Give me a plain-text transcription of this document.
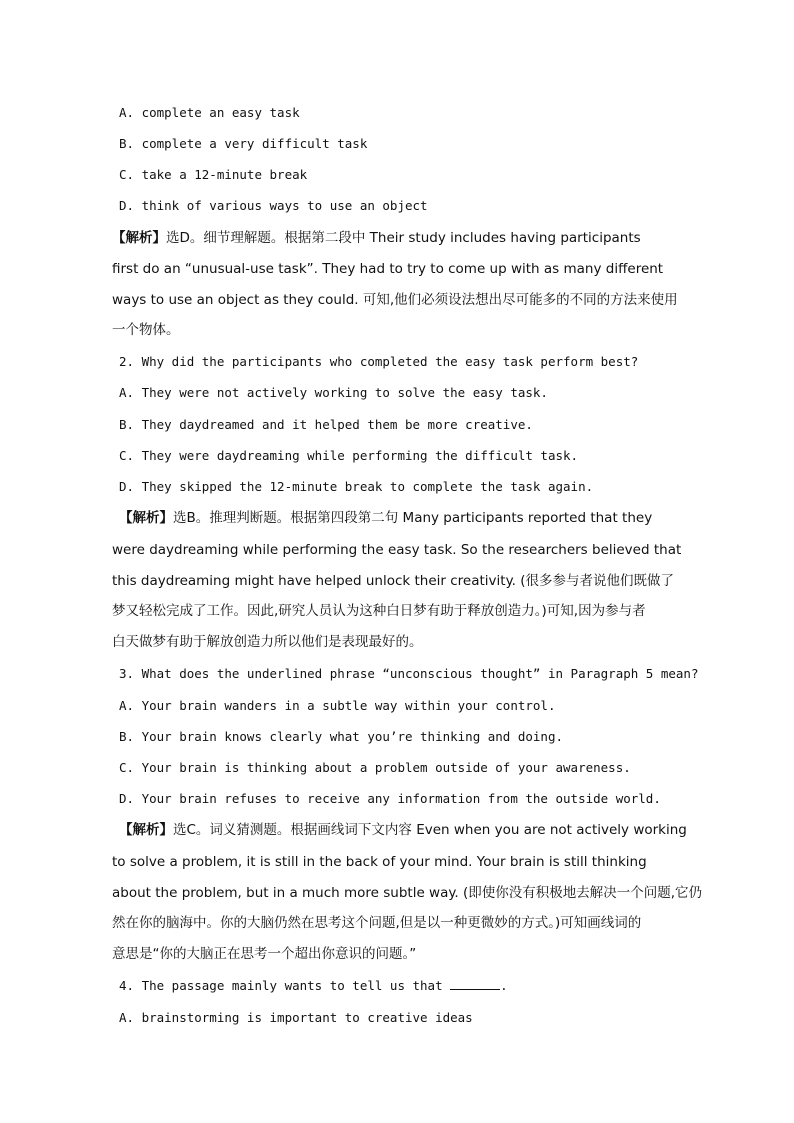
A. complete an easy task
B. complete a very difficult task
C. take a 12-minute break
D. think of various ways to use an object
【解析】选D。细节理解题。根据第二段中 Their study includes having participants
first do an “unusual-use task”. They had to try to come up with as many different
ways to use an object as they could. 可知,他们必须设法想出尽可能多的不同的方法来使用
一个物体。
2. Why did the participants who completed the easy task perform best?
A. They were not actively working to solve the easy task.
B. They daydreamed and it helped them be more creative.
C. They were daydreaming while performing the difficult task.
D. They skipped the 12-minute break to complete the task again.
【解析】选B。推理判断题。根据第四段第二句 Many participants reported that they
were daydreaming while performing the easy task. So the researchers believed that
this daydreaming might have helped unlock their creativity. (很多参与者说他们既做了
梦又轻松完成了工作。因此,研究人员认为这种白日梦有助于释放创造力。)可知,因为参与者
白天做梦有助于解放创造力所以他们是表现最好的。
3. What does the underlined phrase “unconscious thought” in Paragraph 5 mean?
A. Your brain wanders in a subtle way within your control.
B. Your brain knows clearly what you’re thinking and doing.
C. Your brain is thinking about a problem outside of your awareness.
D. Your brain refuses to receive any information from the outside world.
【解析】选C。词义猜测题。根据画线词下文内容 Even when you are not actively working
to solve a problem, it is still in the back of your mind. Your brain is still thinking
about the problem, but in a much more subtle way. (即使你没有积极地去解决一个问题,它仍
然在你的脑海中。你的大脑仍然在思考这个问题,但是以一种更微妙的方式。)可知画线词的
意思是“你的大脑正在思考一个超出你意识的问题。”
4. The passage mainly wants to tell us that	.
A. brainstorming is important to creative ideas
